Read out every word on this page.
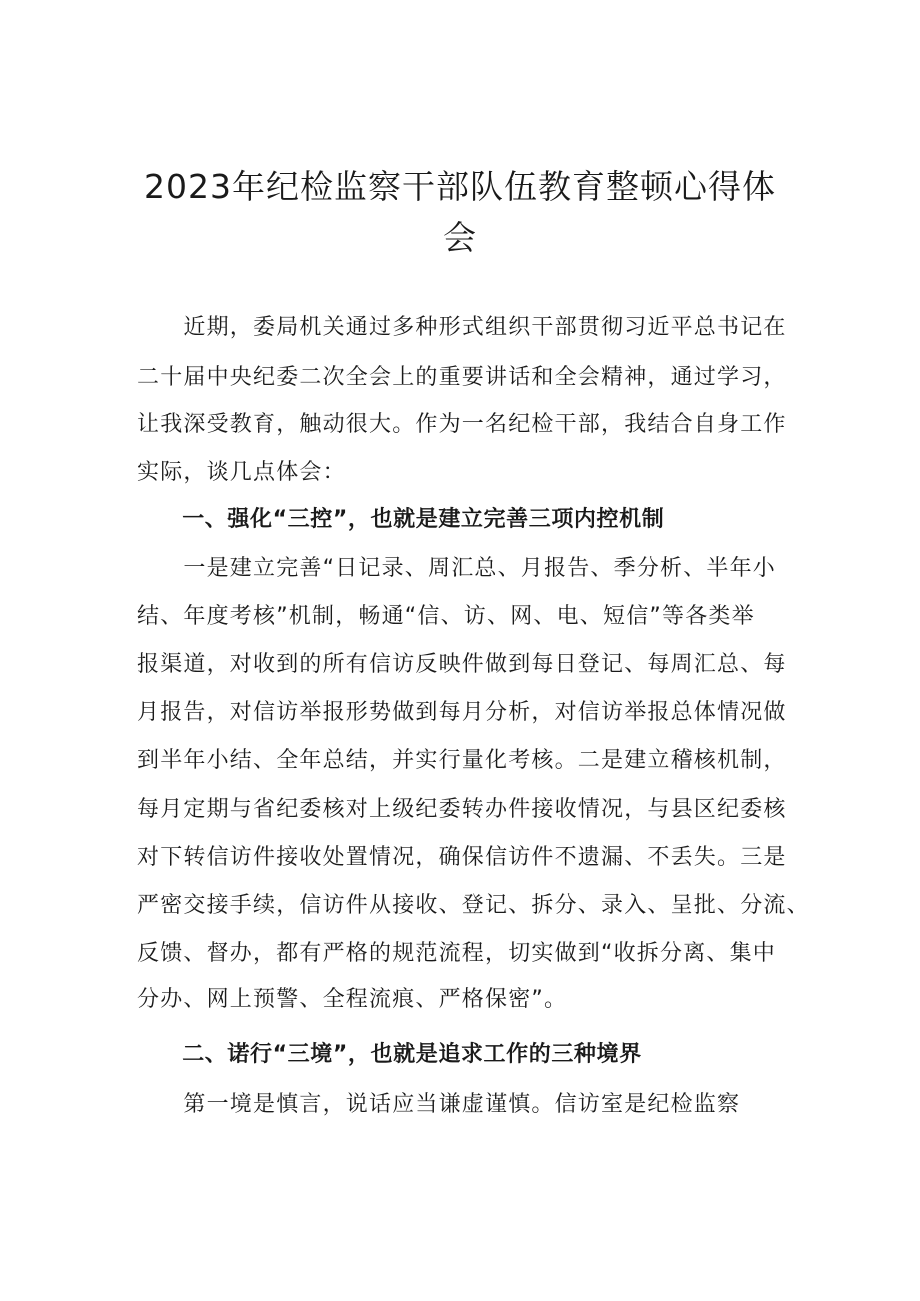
2023年纪检监察干部队伍教育整顿心得体
会

　　近期，委局机关通过多种形式组织干部贯彻习近平总书记在

二十届中央纪委二次全会上的重要讲话和全会精神，通过学习，

让我深受教育，触动很大。作为一名纪检干部，我结合自身工作

实际，谈几点体会：

　　一、强化“三控”，也就是建立完善三项内控机制

　　一是建立完善“日记录、周汇总、月报告、季分析、半年小

结、年度考核”机制，畅通“信、访、网、电、短信”等各类举

报渠道，对收到的所有信访反映件做到每日登记、每周汇总、每

月报告，对信访举报形势做到每月分析，对信访举报总体情况做

到半年小结、全年总结，并实行量化考核。二是建立稽核机制，

每月定期与省纪委核对上级纪委转办件接收情况，与县区纪委核

对下转信访件接收处置情况，确保信访件不遗漏、不丢失。三是

严密交接手续，信访件从接收、登记、拆分、录入、呈批、分流、

反馈、督办，都有严格的规范流程，切实做到“收拆分离、集中

分办、网上预警、全程流痕、严格保密”。

　　二、诺行“三境”，也就是追求工作的三种境界

　　第一境是慎言，说话应当谦虚谨慎。信访室是纪检监察
